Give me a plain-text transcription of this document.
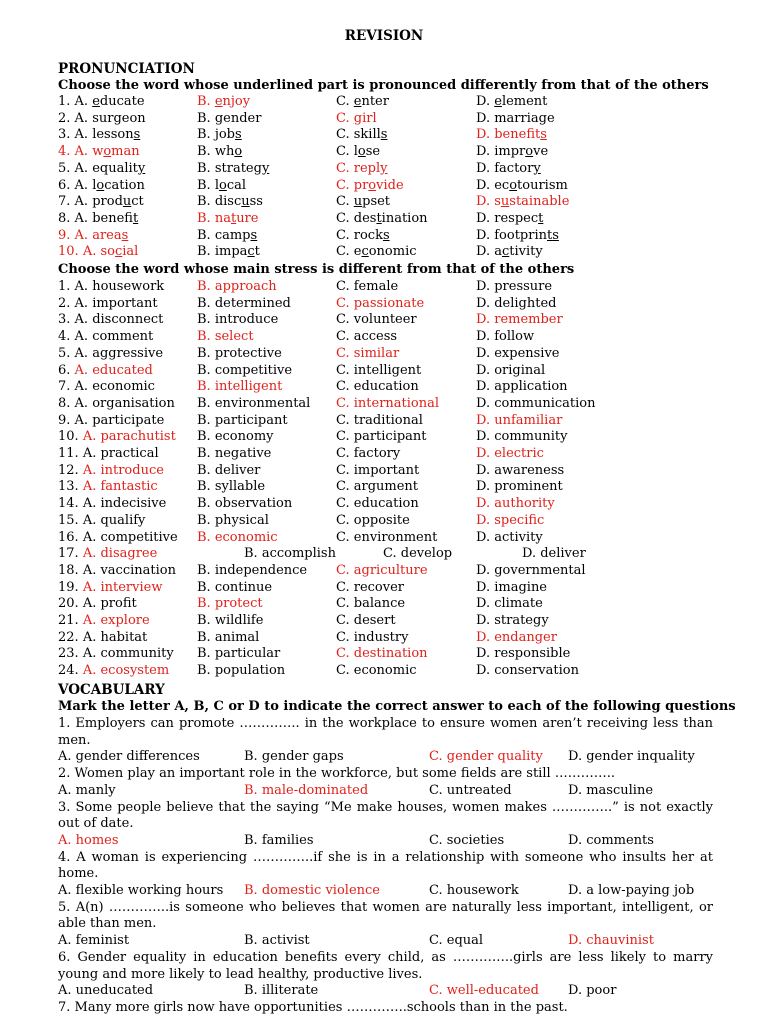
REVISION
PRONUNCIATION
Choose the word whose underlined part is pronounced differently from that of the others
1. A. educate	B. enjoy	C. enter	D. element
2. A. surgeon	B. gender	C. girl	D. marriage
3. A. lessons	B. jobs	C. skills	D. benefits
4. A. woman	B. who	C. lose	D. improve
5. A. equality	B. strategy	C. reply	D. factory
6. A. location	B. local	C. provide	D. ecotourism
7. A. product	B. discuss	C. upset	D. sustainable
8. A. benefit	B. nature	C. destination	D. respect
9. A. areas	B. camps	C. rocks	D. footprints
10. A. social	B. impact	C. economic	D. activity
Choose the word whose main stress is different from that of the others
1. A. housework	B. approach	C. female	D. pressure
2. A. important	B. determined	C. passionate	D. delighted
3. A. disconnect	B. introduce	C. volunteer	D. remember
4. A. comment	B. select	C. access	D. follow
5. A. aggressive	B. protective	C. similar	D. expensive
6. A. educated	B. competitive	C. intelligent	D. original
7. A. economic	B. intelligent	C. education	D. application
8. A. organisation B. environmental C. international	D. communication
9. A. participate	B. participant	C. traditional	D. unfamiliar
10. A. parachutist B. economy	C. participant	D. community
11. A. practical	B. negative	C. factory	D. electric
12. A. introduce	B. deliver	C. important	D. awareness
13. A. fantastic	B. syllable	C. argument	D. prominent
14. A. indecisive B. observation	C. education	D. authority
15. A. qualify	B. physical	C. opposite	D. specific
16. A. competitive B. economic	C. environment	D. activity
17. A. disagree	B. accomplish	C. develop	D. deliver
18. A. vaccination B. independence C. agriculture	D. governmental
19. A. interview	B. continue	C. recover	D. imagine
20. A. profit	B. protect	C. balance	D. climate
21. A. explore	B. wildlife	C. desert	D. strategy
22. A. habitat	B. animal	C. industry	D. endanger
23. A. community B. particular	C. destination	D. responsible
24. A. ecosystem B. population	C. economic	D. conservation
VOCABULARY
Mark the letter A, B, C or D to indicate the correct answer to each of the following questions
1. Employers can promote ………….. in the workplace to ensure women aren’t receiving less than men.
A. gender differences	B. gender gaps	C. gender quality D. gender inquality
2. Women play an important role in the workforce, but some fields are still …………..
A. manly	B. male-dominated	C. untreated	D. masculine
3. Some people believe that the saying “Me make houses, women makes …………..” is not exactly out of date.
A. homes	B. families	C. societies	D. comments
4. A woman is experiencing …………..if she is in a relationship with someone who insults her at home.
A. flexible working hours B. domestic violence	C. housework	D. a low-paying job
5. A(n) …………..is someone who believes that women are naturally less important, intelligent, or able than men.
A. feminist	B. activist	C. equal	D. chauvinist
6. Gender equality in education benefits every child, as …………..girls are less likely to marry young and more likely to lead healthy, productive lives.
A. uneducated	B. illiterate	C. well-educated D. poor
7. Many more girls now have opportunities …………..schools than in the past.
